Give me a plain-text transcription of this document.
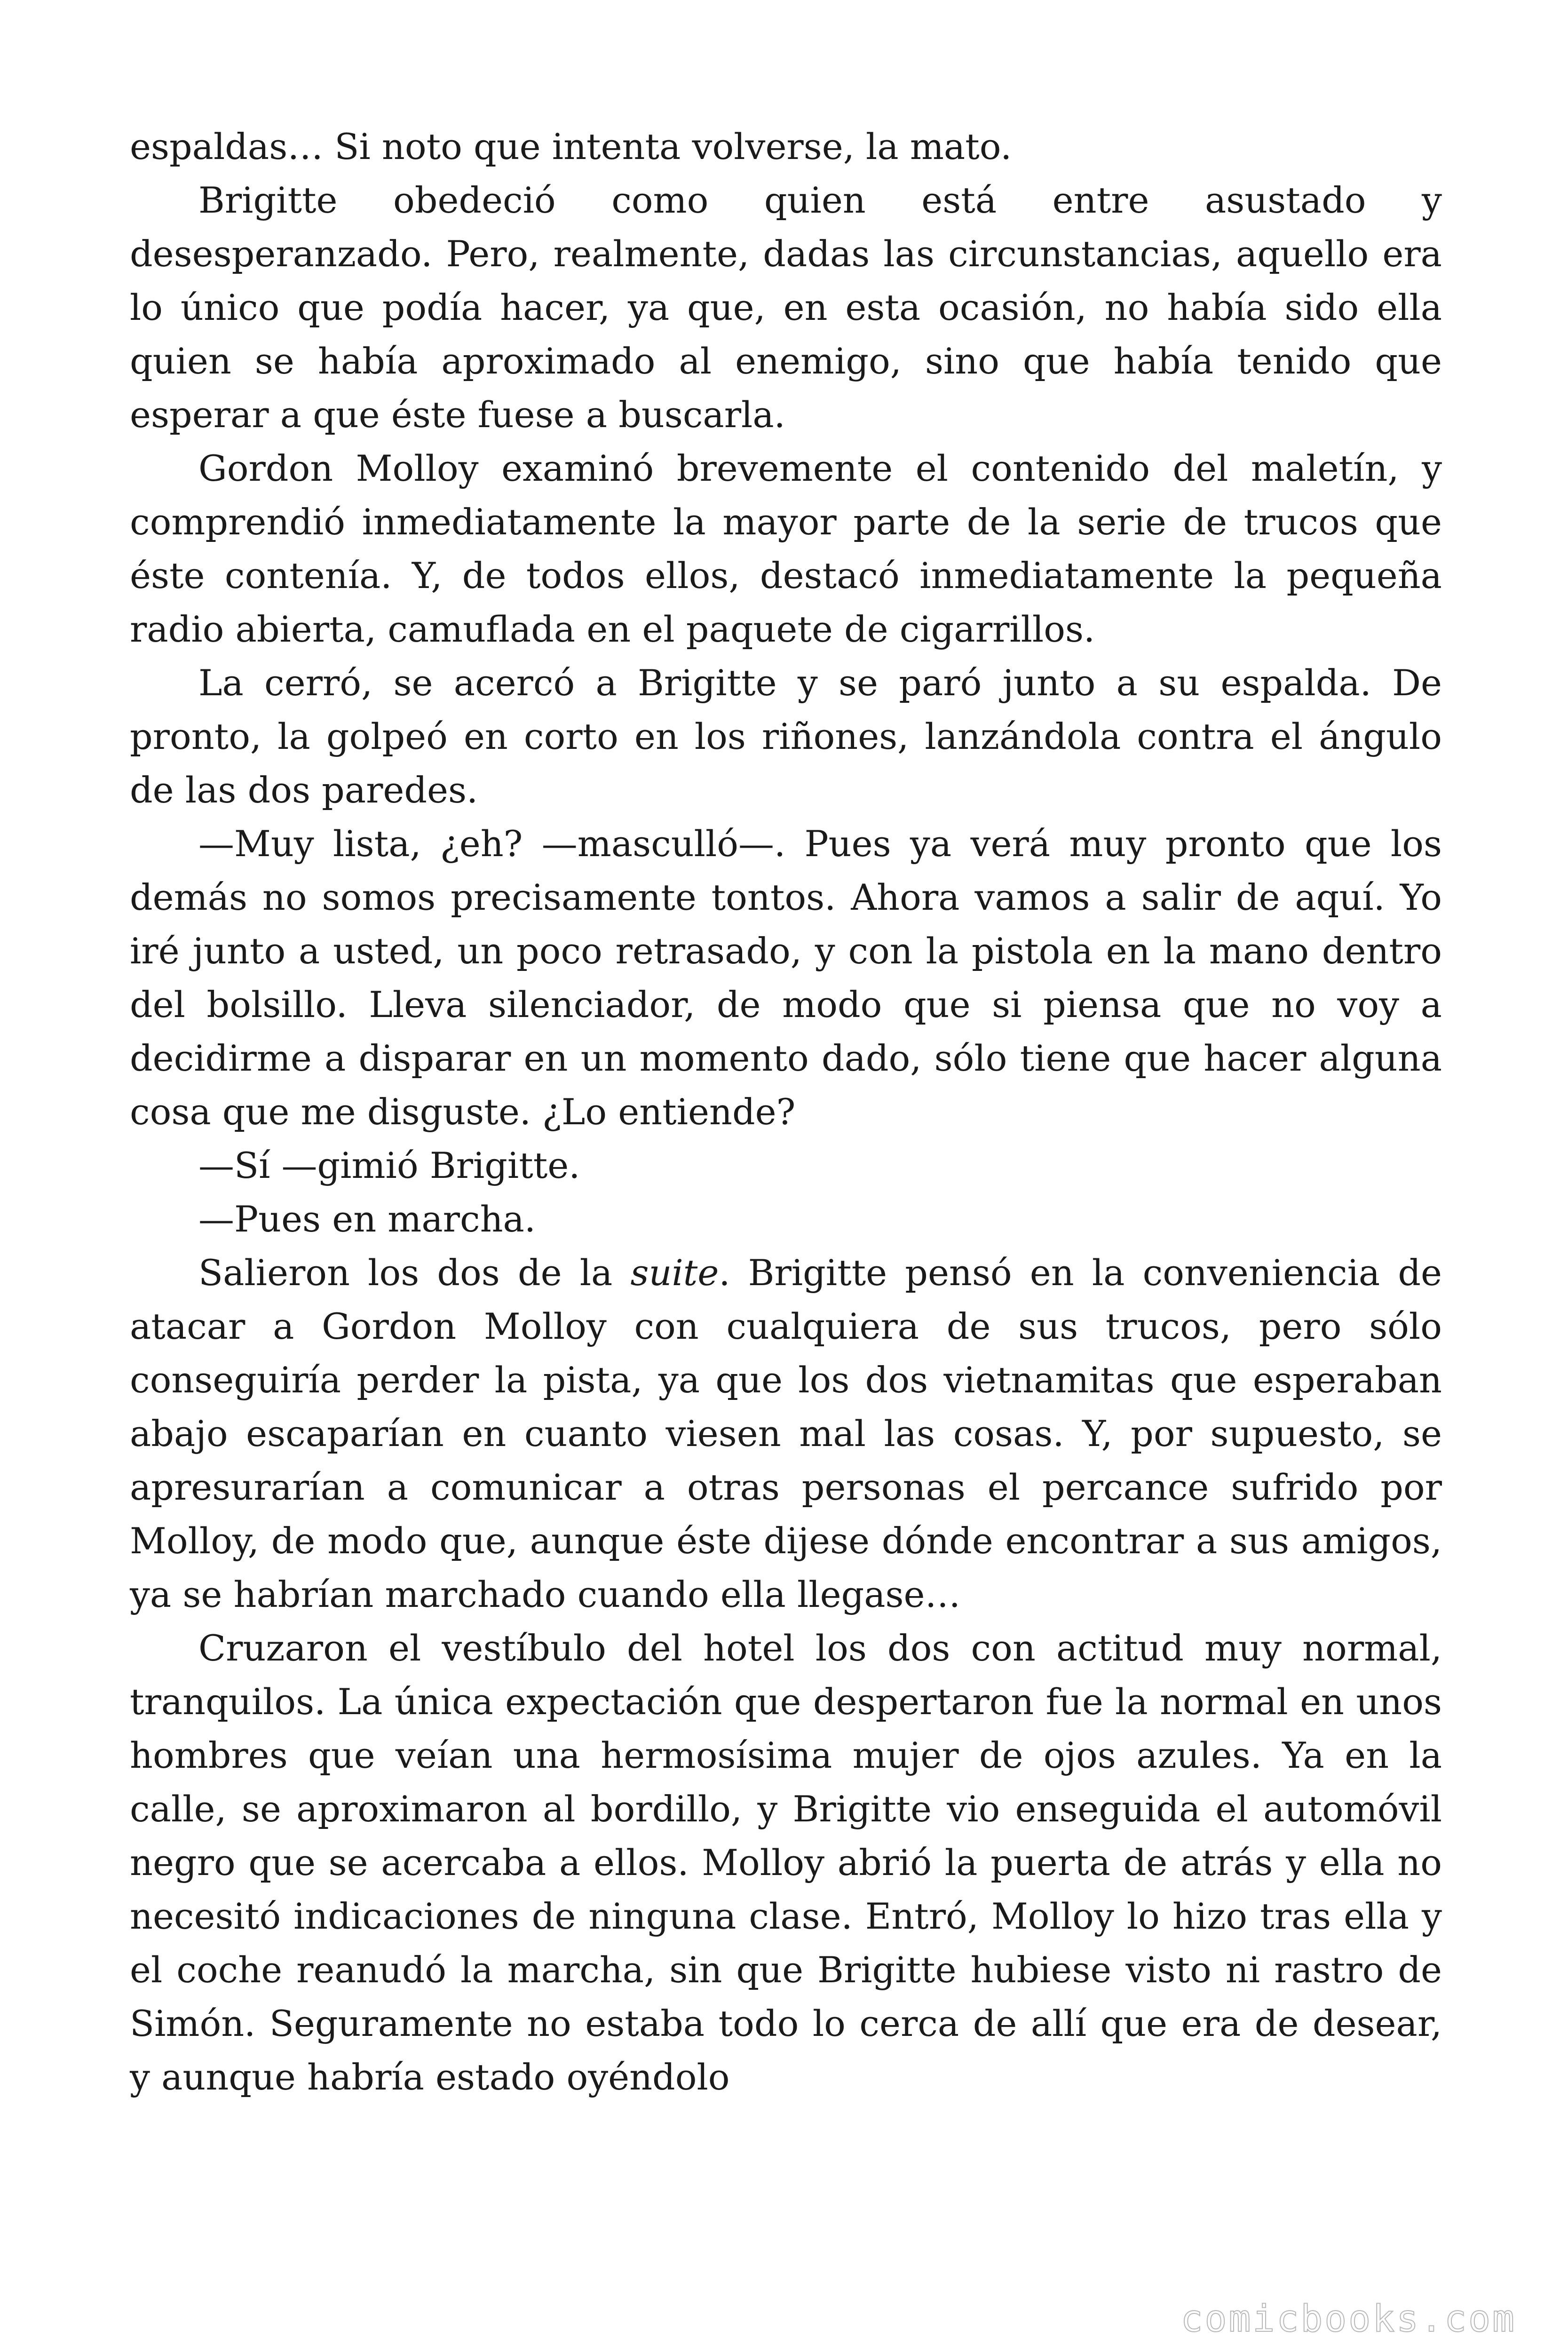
espaldas… Si noto que intenta volverse, la mato.

Brigitte obedeció como quien está entre asustado y desesperanzado. Pero, realmente, dadas las circunstancias, aquello era lo único que podía hacer, ya que, en esta ocasión, no había sido ella quien se había aproximado al enemigo, sino que había tenido que esperar a que éste fuese a buscarla.

Gordon Molloy examinó brevemente el contenido del maletín, y comprendió inmediatamente la mayor parte de la serie de trucos que éste contenía. Y, de todos ellos, destacó inmediatamente la pequeña radio abierta, camuflada en el paquete de cigarrillos.

La cerró, se acercó a Brigitte y se paró junto a su espalda. De pronto, la golpeó en corto en los riñones, lanzándola contra el ángulo de las dos paredes.

—Muy lista, ¿eh? —masculló—. Pues ya verá muy pronto que los demás no somos precisamente tontos. Ahora vamos a salir de aquí. Yo iré junto a usted, un poco retrasado, y con la pistola en la mano dentro del bolsillo. Lleva silenciador, de modo que si piensa que no voy a decidirme a disparar en un momento dado, sólo tiene que hacer alguna cosa que me disguste. ¿Lo entiende?

—Sí —gimió Brigitte.

—Pues en marcha.

Salieron los dos de la suite. Brigitte pensó en la conveniencia de atacar a Gordon Molloy con cualquiera de sus trucos, pero sólo conseguiría perder la pista, ya que los dos vietnamitas que esperaban abajo escaparían en cuanto viesen mal las cosas. Y, por supuesto, se apresurarían a comunicar a otras personas el percance sufrido por Molloy, de modo que, aunque éste dijese dónde encontrar a sus amigos, ya se habrían marchado cuando ella llegase…

Cruzaron el vestíbulo del hotel los dos con actitud muy normal, tranquilos. La única expectación que despertaron fue la normal en unos hombres que veían una hermosísima mujer de ojos azules. Ya en la calle, se aproximaron al bordillo, y Brigitte vio enseguida el automóvil negro que se acercaba a ellos. Molloy abrió la puerta de atrás y ella no necesitó indicaciones de ninguna clase. Entró, Molloy lo hizo tras ella y el coche reanudó la marcha, sin que Brigitte hubiese visto ni rastro de Simón. Seguramente no estaba todo lo cerca de allí que era de desear, y aunque habría estado oyéndolo

comicbooks.com
